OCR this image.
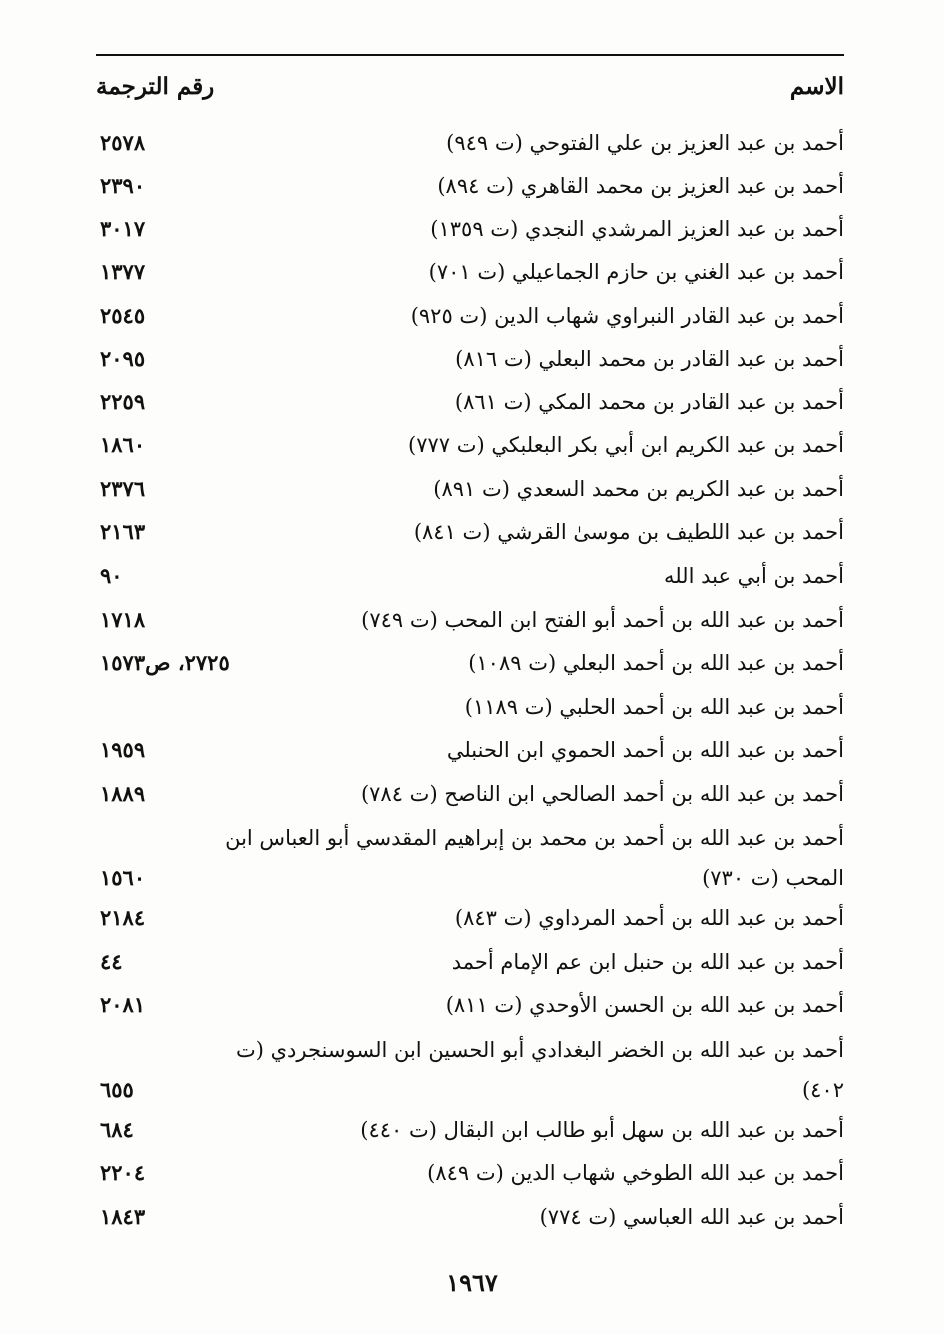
الاسم
رقم الترجمة
أحمد بن عبد العزيز بن علي الفتوحي (ت ٩٤٩)
٢٥٧٨
أحمد بن عبد العزيز بن محمد القاهري (ت ٨٩٤)
٢٣٩٠
أحمد بن عبد العزيز المرشدي النجدي (ت ١٣٥٩)
٣٠١٧
أحمد بن عبد الغني بن حازم الجماعيلي (ت ٧٠١)
١٣٧٧
أحمد بن عبد القادر النبراوي شهاب الدين (ت ٩٢٥)
٢٥٤٥
أحمد بن عبد القادر بن محمد البعلي (ت ٨١٦)
٢٠٩٥
أحمد بن عبد القادر بن محمد المكي (ت ٨٦١)
٢٢٥٩
أحمد بن عبد الكريم ابن أبي بكر البعلبكي (ت ٧٧٧)
١٨٦٠
أحمد بن عبد الكريم بن محمد السعدي (ت ٨٩١)
٢٣٧٦
أحمد بن عبد اللطيف بن موسىٰ القرشي (ت ٨٤١)
٢١٦٣
أحمد بن أبي عبد الله
٩٠
أحمد بن عبد الله بن أحمد أبو الفتح ابن المحب (ت ٧٤٩)
١٧١٨
أحمد بن عبد الله بن أحمد البعلي (ت ١٠٨٩)
٢٧٢٥، ص١٥٧٣
أحمد بن عبد الله بن أحمد الحلبي (ت ١١٨٩)
أحمد بن عبد الله بن أحمد الحموي ابن الحنبلي
١٩٥٩
أحمد بن عبد الله بن أحمد الصالحي ابن الناصح (ت ٧٨٤)
١٨٨٩
أحمد بن عبد الله بن أحمد بن محمد بن إبراهيم المقدسي أبو العباس ابن المحب (ت ٧٣٠)
١٥٦٠
أحمد بن عبد الله بن أحمد المرداوي (ت ٨٤٣)
٢١٨٤
أحمد بن عبد الله بن حنبل ابن عم الإمام أحمد
٤٤
أحمد بن عبد الله بن الحسن الأوحدي (ت ٨١١)
٢٠٨١
أحمد بن عبد الله بن الخضر البغدادي أبو الحسين ابن السوسنجردي (ت ٤٠٢)
٦٥٥
أحمد بن عبد الله بن سهل أبو طالب ابن البقال (ت ٤٤٠)
٦٨٤
أحمد بن عبد الله الطوخي شهاب الدين (ت ٨٤٩)
٢٢٠٤
أحمد بن عبد الله العباسي (ت ٧٧٤)
١٨٤٣
١٩٦٧
